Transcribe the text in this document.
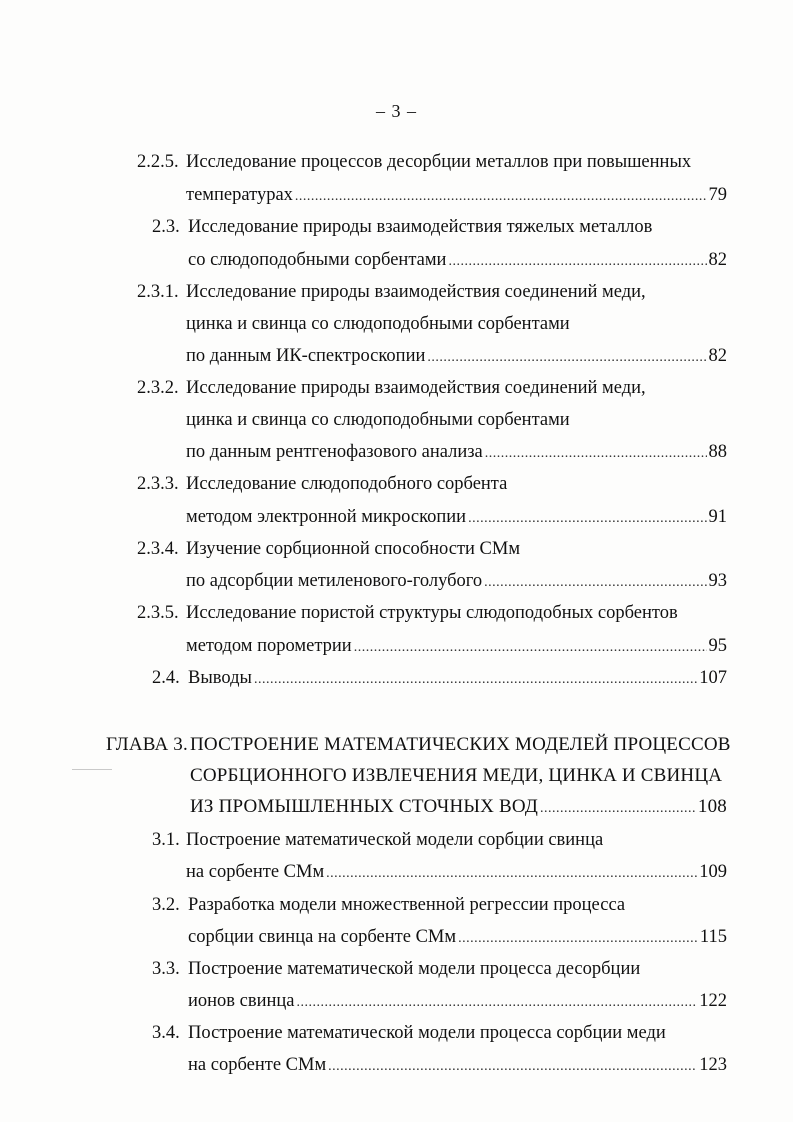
– 3 –
2.2.5. Исследование процессов десорбции металлов при повышенных
температурах .....	79
2.3. Исследование природы взаимодействия тяжелых металлов
со слюдоподобными сорбентами .....	82
2.3.1. Исследование природы взаимодействия соединений меди,
цинка и свинца со слюдоподобными сорбентами
по данным ИК-спектроскопии .....	82
2.3.2. Исследование природы взаимодействия соединений меди,
цинка и свинца со слюдоподобными сорбентами
по данным рентгенофазового анализа .....	88
2.3.3. Исследование слюдоподобного сорбента
методом электронной микроскопии .....	91
2.3.4. Изучение сорбционной способности СМм
по адсорбции метиленового-голубого .....	93
2.3.5. Исследование пористой структуры слюдоподобных сорбентов
методом порометрии .....	95
2.4. Выводы .....	107
ГЛАВА 3. ПОСТРОЕНИЕ МАТЕМАТИЧЕСКИХ МОДЕЛЕЙ ПРОЦЕССОВ
СОРБЦИОННОГО ИЗВЛЕЧЕНИЯ МЕДИ, ЦИНКА И СВИНЦА
ИЗ ПРОМЫШЛЕННЫХ СТОЧНЫХ ВОД .....	108
3.1. Построение математической модели сорбции свинца
на сорбенте СМм .....	109
3.2. Разработка модели множественной регрессии процесса
сорбции свинца на сорбенте СМм .....	115
3.3. Построение математической модели процесса десорбции
ионов свинца .....	122
3.4. Построение математической модели процесса сорбции меди
на сорбенте СМм .....	123
